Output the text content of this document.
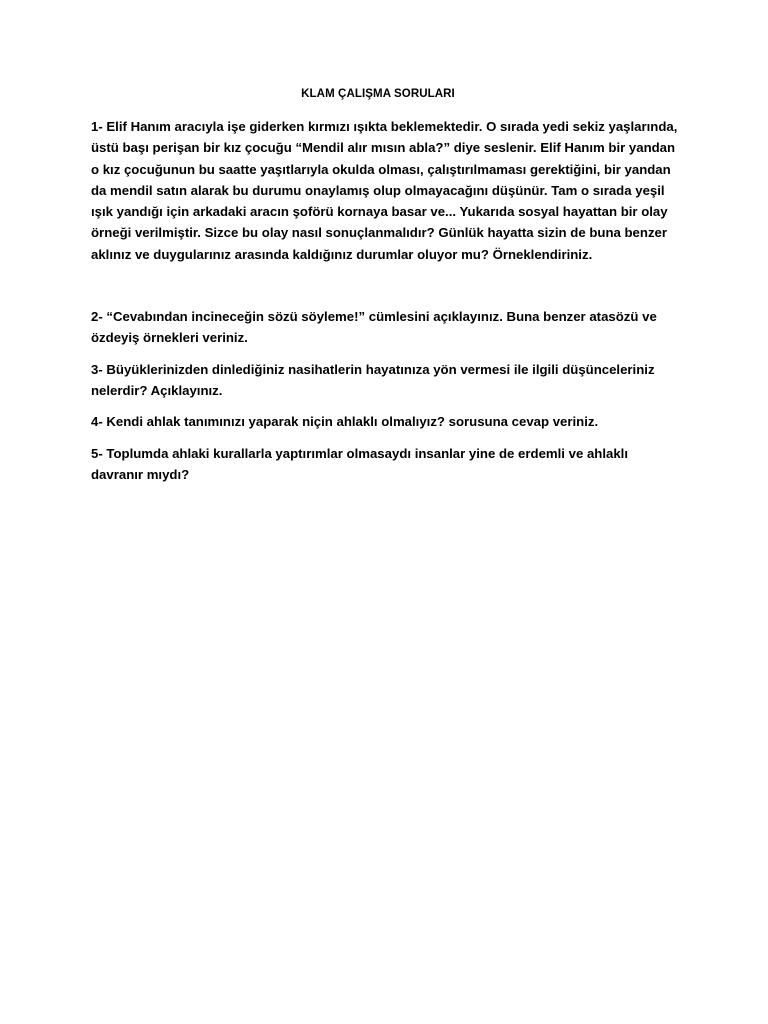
KLAM ÇALIŞMA SORULARI

1- Elif Hanım aracıyla işe giderken kırmızı ışıkta beklemektedir. O sırada yedi sekiz yaşlarında, üstü başı perişan bir kız çocuğu “Mendil alır mısın abla?” diye seslenir. Elif Hanım bir yandan o kız çocuğunun bu saatte yaşıtlarıyla okulda olması, çalıştırılmaması gerektiğini, bir yandan da mendil satın alarak bu durumu onaylamış olup olmayacağını düşünür. Tam o sırada yeşil ışık yandığı için arkadaki aracın şoförü kornaya basar ve... Yukarıda sosyal hayattan bir olay örneği verilmiştir. Sizce bu olay nasıl sonuçlanmalıdır? Günlük hayatta sizin de buna benzer aklınız ve duygularınız arasında kaldığınız durumlar oluyor mu? Örneklendiriniz.

2- “Cevabından incineceğin sözü söyleme!” cümlesini açıklayınız. Buna benzer atasözü ve özdeyiş örnekleri veriniz.

3- Büyüklerinizden dinlediğiniz nasihatlerin hayatınıza yön vermesi ile ilgili düşünceleriniz nelerdir? Açıklayınız.

4- Kendi ahlak tanımınızı yaparak niçin ahlaklı olmalıyız? sorusuna cevap veriniz.

5- Toplumda ahlaki kurallarla yaptırımlar olmasaydı insanlar yine de erdemli ve ahlaklı davranır mıydı?
